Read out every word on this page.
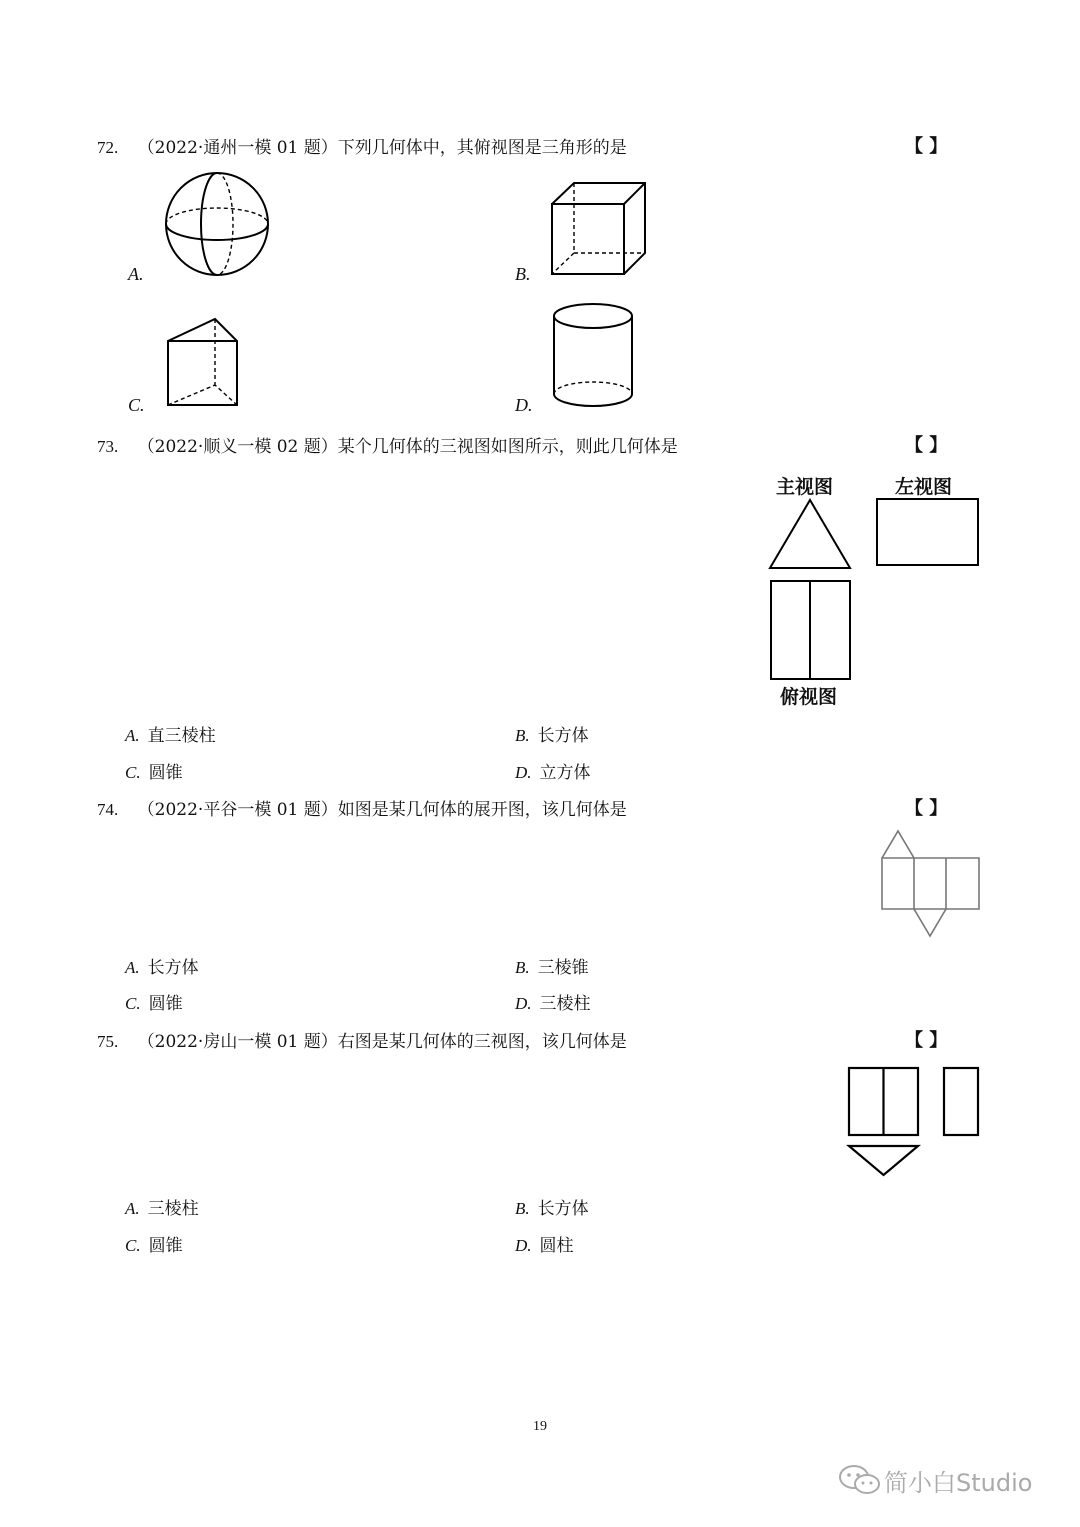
72. （2022·通州一模 01 题）下列几何体中，其俯视图是三角形的是	【 】
A.	B.
C.	D.
73. （2022·顺义一模 02 题）某个几何体的三视图如图所示，则此几何体是	【 】
主视图	左视图
俯视图
A. 直三棱柱	B. 长方体
C. 圆锥	D. 立方体
74. （2022·平谷一模 01 题）如图是某几何体的展开图，该几何体是	【 】
A. 长方体	B. 三棱锥
C. 圆锥	D. 三棱柱
75. （2022·房山一模 01 题）右图是某几何体的三视图，该几何体是	【 】
A. 三棱柱	B. 长方体
C. 圆锥	D. 圆柱
19
简小白Studio
